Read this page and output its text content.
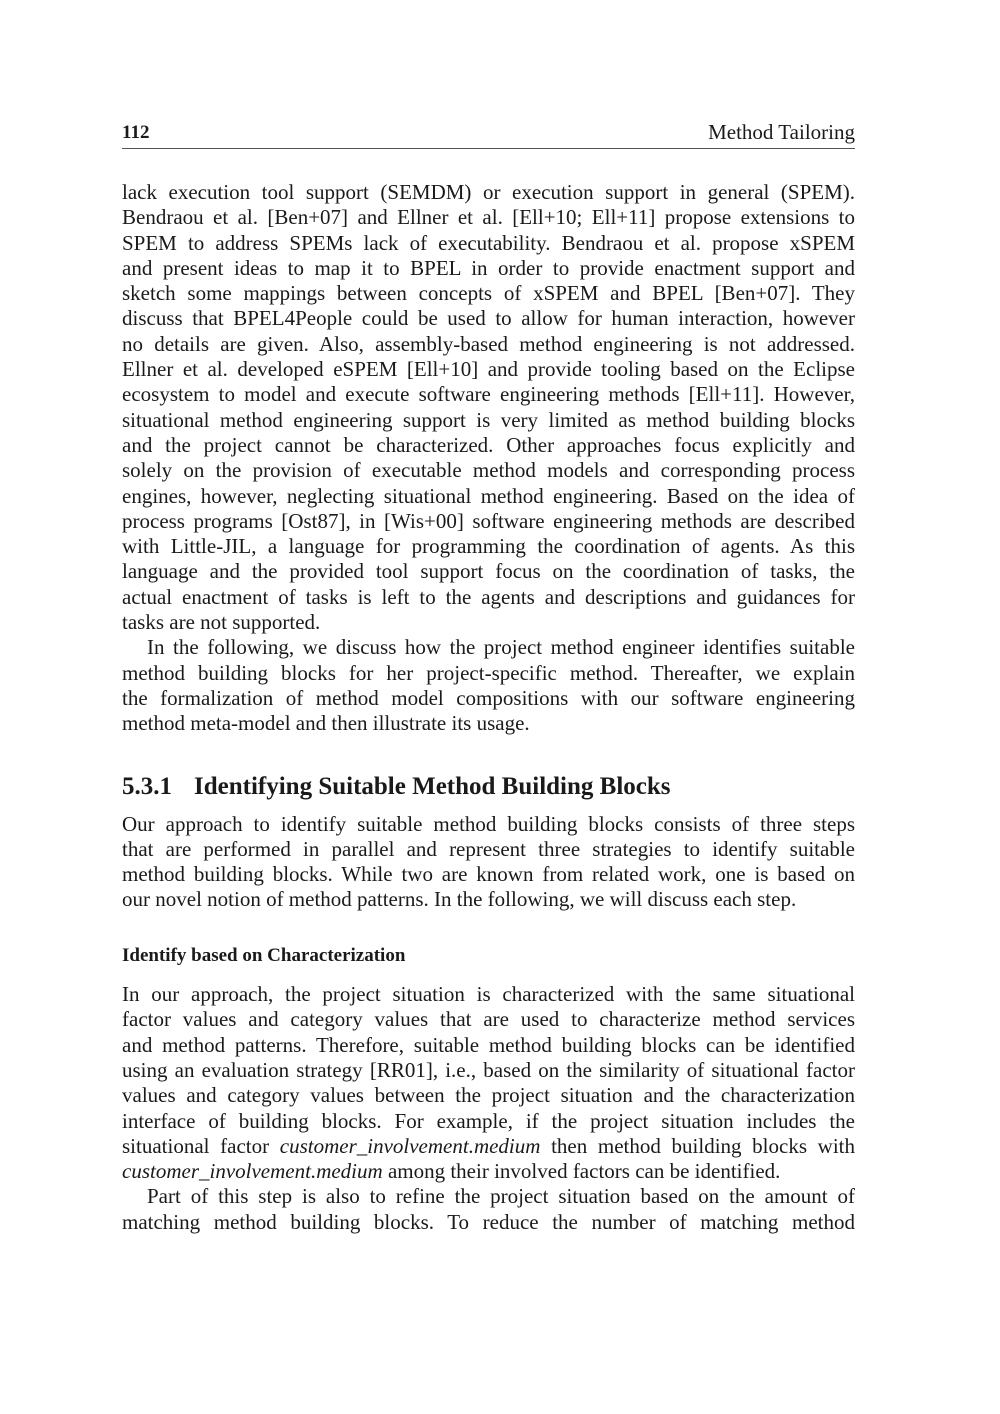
112	Method Tailoring

lack execution tool support (SEMDM) or execution support in general (SPEM).
Bendraou et al. [Ben+07] and Ellner et al. [Ell+10; Ell+11] propose extensions to
SPEM to address SPEMs lack of executability. Bendraou et al. propose xSPEM
and present ideas to map it to BPEL in order to provide enactment support and
sketch some mappings between concepts of xSPEM and BPEL [Ben+07]. They
discuss that BPEL4People could be used to allow for human interaction, however
no details are given. Also, assembly-based method engineering is not addressed.
Ellner et al. developed eSPEM [Ell+10] and provide tooling based on the Eclipse
ecosystem to model and execute software engineering methods [Ell+11]. However,
situational method engineering support is very limited as method building blocks
and the project cannot be characterized. Other approaches focus explicitly and
solely on the provision of executable method models and corresponding process
engines, however, neglecting situational method engineering. Based on the idea of
process programs [Ost87], in [Wis+00] software engineering methods are described
with Little-JIL, a language for programming the coordination of agents. As this
language and the provided tool support focus on the coordination of tasks, the
actual enactment of tasks is left to the agents and descriptions and guidances for
tasks are not supported.

In the following, we discuss how the project method engineer identifies suitable
method building blocks for her project-specific method. Thereafter, we explain
the formalization of method model compositions with our software engineering
method meta-model and then illustrate its usage.

5.3.1 Identifying Suitable Method Building Blocks

Our approach to identify suitable method building blocks consists of three steps
that are performed in parallel and represent three strategies to identify suitable
method building blocks. While two are known from related work, one is based on
our novel notion of method patterns. In the following, we will discuss each step.

Identify based on Characterization

In our approach, the project situation is characterized with the same situational
factor values and category values that are used to characterize method services
and method patterns. Therefore, suitable method building blocks can be identified
using an evaluation strategy [RR01], i.e., based on the similarity of situational factor
values and category values between the project situation and the characterization
interface of building blocks. For example, if the project situation includes the
situational factor customer_involvement.medium then method building blocks with
customer_involvement.medium among their involved factors can be identified.

Part of this step is also to refine the project situation based on the amount of
matching method building blocks. To reduce the number of matching method
